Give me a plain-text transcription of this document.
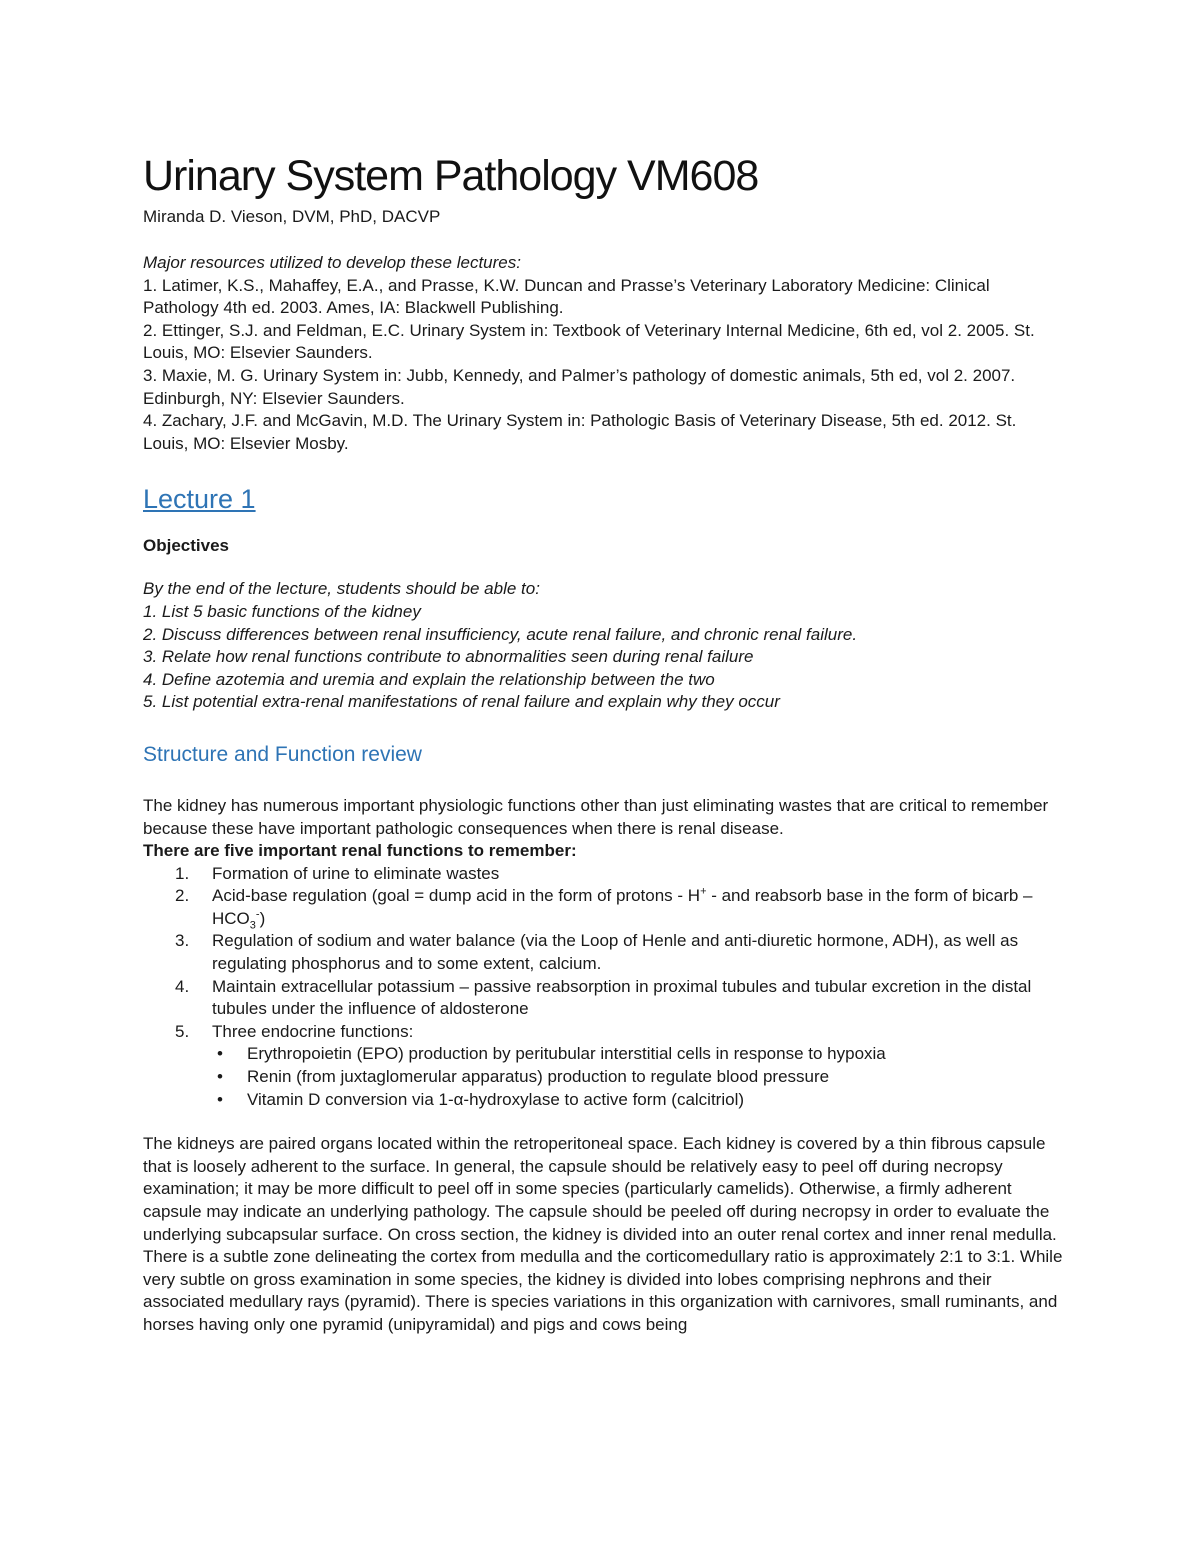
Urinary System Pathology VM608
Miranda D. Vieson, DVM, PhD, DACVP
Major resources utilized to develop these lectures:
1. Latimer, K.S., Mahaffey, E.A., and Prasse, K.W. Duncan and Prasse’s Veterinary Laboratory Medicine: Clinical Pathology 4th ed. 2003. Ames, IA: Blackwell Publishing.
2. Ettinger, S.J. and Feldman, E.C. Urinary System in: Textbook of Veterinary Internal Medicine, 6th ed, vol 2. 2005. St. Louis, MO: Elsevier Saunders.
3. Maxie, M. G. Urinary System in: Jubb, Kennedy, and Palmer’s pathology of domestic animals, 5th ed, vol 2. 2007. Edinburgh, NY: Elsevier Saunders.
4. Zachary, J.F. and McGavin, M.D. The Urinary System in: Pathologic Basis of Veterinary Disease, 5th ed. 2012. St. Louis, MO: Elsevier Mosby.
Lecture 1
Objectives
By the end of the lecture, students should be able to:
1. List 5 basic functions of the kidney
2. Discuss differences between renal insufficiency, acute renal failure, and chronic renal failure.
3. Relate how renal functions contribute to abnormalities seen during renal failure
4. Define azotemia and uremia and explain the relationship between the two
5. List potential extra-renal manifestations of renal failure and explain why they occur
Structure and Function review
The kidney has numerous important physiologic functions other than just eliminating wastes that are critical to remember because these have important pathologic consequences when there is renal disease.
There are five important renal functions to remember:
1. Formation of urine to eliminate wastes
2. Acid-base regulation (goal = dump acid in the form of protons - H+ - and reabsorb base in the form of bicarb – $HCO_3^-$)
3. Regulation of sodium and water balance (via the Loop of Henle and anti-diuretic hormone, ADH), as well as regulating phosphorus and to some extent, calcium.
4. Maintain extracellular potassium – passive reabsorption in proximal tubules and tubular excretion in the distal tubules under the influence of aldosterone
5. Three endocrine functions:
• Erythropoietin (EPO) production by peritubular interstitial cells in response to hypoxia
• Renin (from juxtaglomerular apparatus) production to regulate blood pressure
• Vitamin D conversion via 1-α-hydroxylase to active form (calcitriol)
The kidneys are paired organs located within the retroperitoneal space. Each kidney is covered by a thin fibrous capsule that is loosely adherent to the surface. In general, the capsule should be relatively easy to peel off during necropsy examination; it may be more difficult to peel off in some species (particularly camelids). Otherwise, a firmly adherent capsule may indicate an underlying pathology. The capsule should be peeled off during necropsy in order to evaluate the underlying subcapsular surface. On cross section, the kidney is divided into an outer renal cortex and inner renal medulla. There is a subtle zone delineating the cortex from medulla and the corticomedullary ratio is approximately 2:1 to 3:1. While very subtle on gross examination in some species, the kidney is divided into lobes comprising nephrons and their associated medullary rays (pyramid). There is species variations in this organization with carnivores, small ruminants, and horses having only one pyramid (unipyramidal) and pigs and cows being
